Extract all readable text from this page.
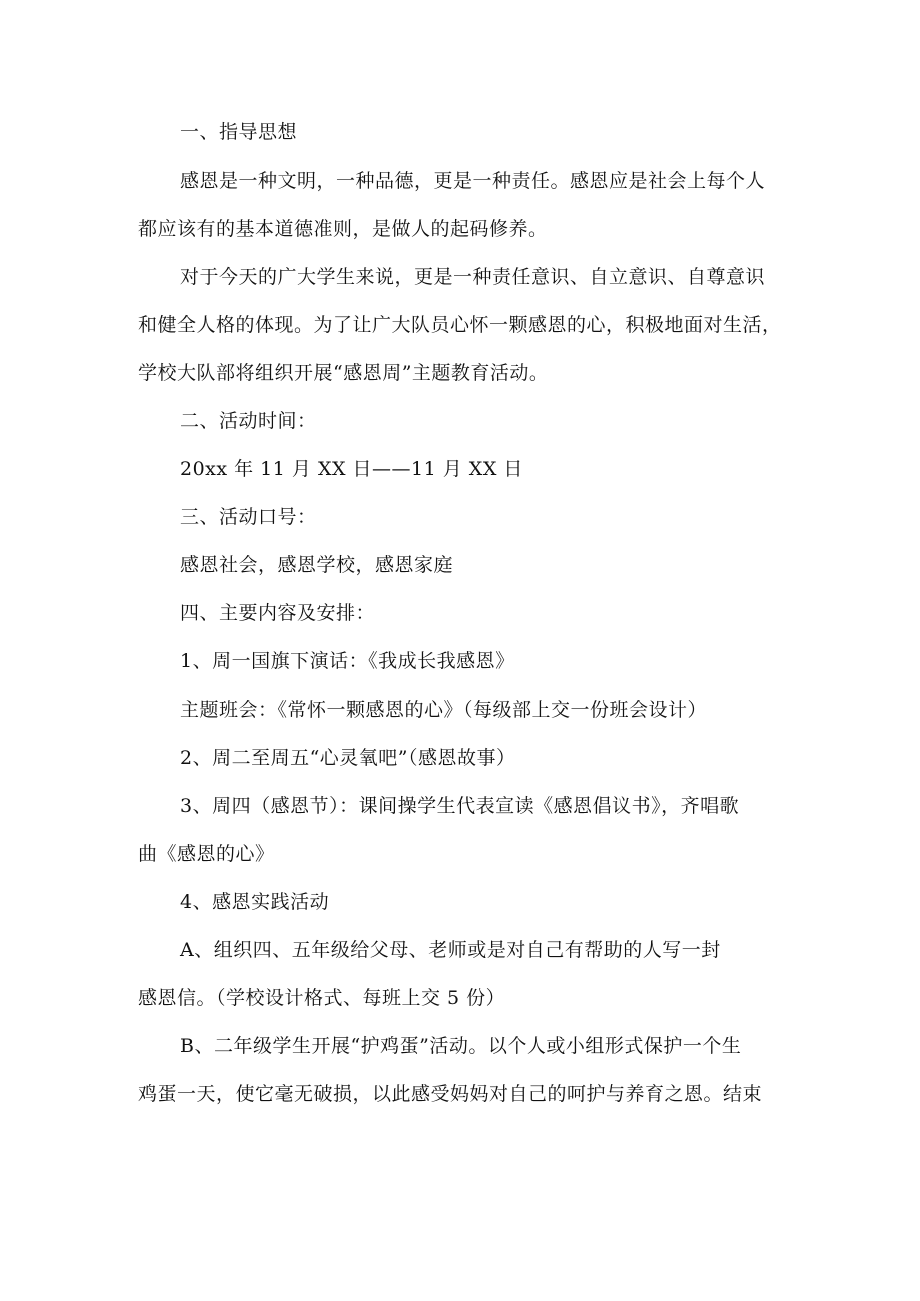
一、指导思想

感恩是一种文明，一种品德，更是一种责任。感恩应是社会上每个人

都应该有的基本道德准则，是做人的起码修养。

对于今天的广大学生来说，更是一种责任意识、自立意识、自尊意识

和健全人格的体现。为了让广大队员心怀一颗感恩的心，积极地面对生活，

学校大队部将组织开展“感恩周”主题教育活动。

二、活动时间：

20xx 年 11 月 XX 日——11 月 XX 日

三、活动口号：

感恩社会，感恩学校，感恩家庭

四、主要内容及安排：

1、周一国旗下演话：《我成长我感恩》

主题班会：《常怀一颗感恩的心》（每级部上交一份班会设计）

2、周二至周五“心灵氧吧”（感恩故事）

3、周四（感恩节）：课间操学生代表宣读《感恩倡议书》，齐唱歌

曲《感恩的心》

4、感恩实践活动

A、组织四、五年级给父母、老师或是对自己有帮助的人写一封

感恩信。（学校设计格式、每班上交 5 份）

B、二年级学生开展“护鸡蛋”活动。以个人或小组形式保护一个生

鸡蛋一天，使它毫无破损，以此感受妈妈对自己的呵护与养育之恩。结束
